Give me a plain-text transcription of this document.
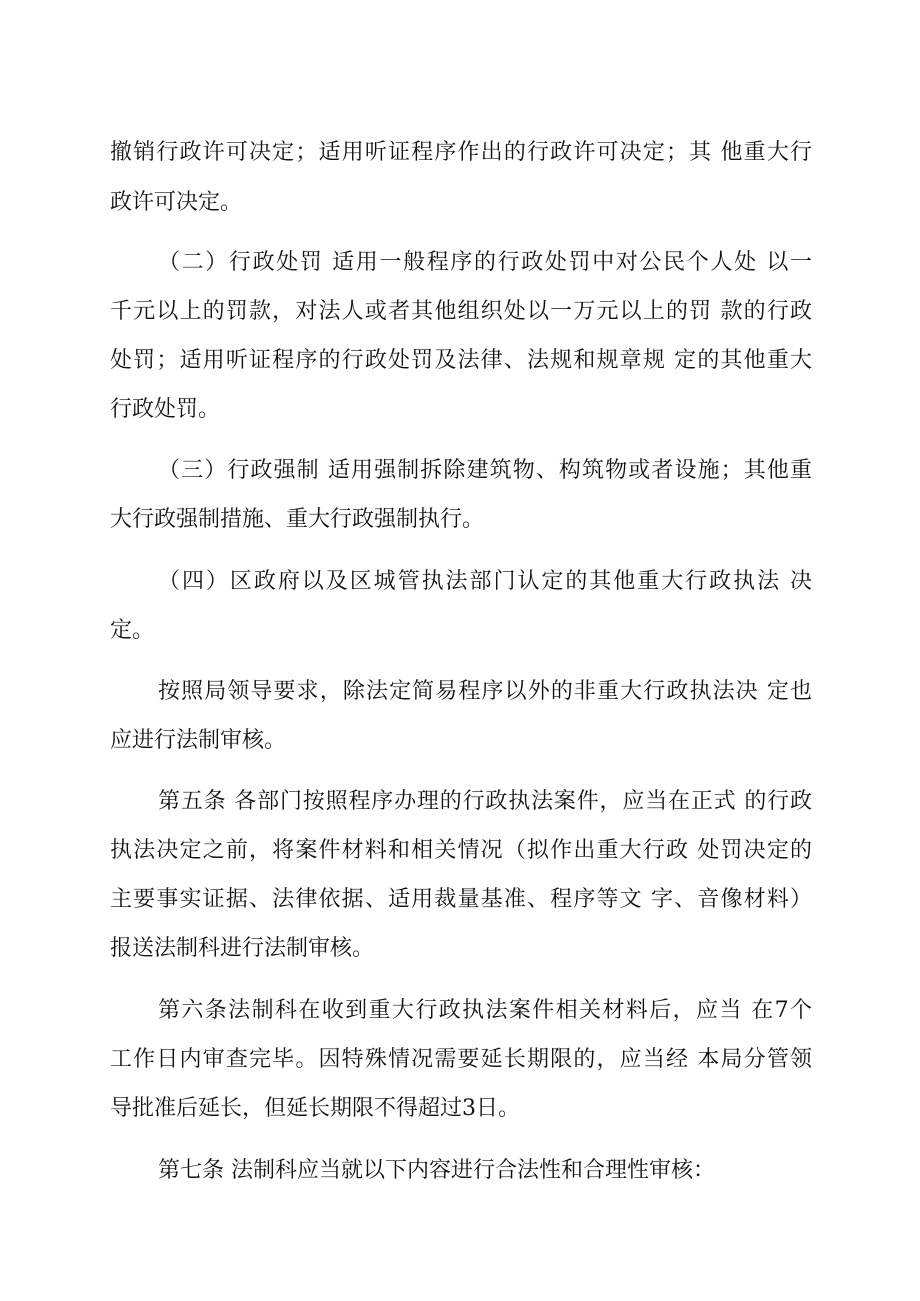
撤销行政许可决定；适用听证程序作出的行政许可决定；其 他重大行
政许可决定。
（二）行政处罚 适用一般程序的行政处罚中对公民个人处 以一
千元以上的罚款，对法人或者其他组织处以一万元以上的罚 款的行政
处罚；适用听证程序的行政处罚及法律、法规和规章规 定的其他重大
行政处罚。
（三）行政强制 适用强制拆除建筑物、构筑物或者设施；其他重
大行政强制措施、重大行政强制执行。
（四）区政府以及区城管执法部门认定的其他重大行政执法 决
定。
按照局领导要求，除法定简易程序以外的非重大行政执法决 定也
应进行法制审核。
第五条 各部门按照程序办理的行政执法案件，应当在正式 的行政
执法决定之前，将案件材料和相关情况（拟作出重大行政 处罚决定的
主要事实证据、法律依据、适用裁量基准、程序等文 字、音像材料）
报送法制科进行法制审核。
第六条法制科在收到重大行政执法案件相关材料后，应当 在7个
工作日内审查完毕。因特殊情况需要延长期限的，应当经 本局分管领
导批准后延长，但延长期限不得超过3日。
第七条 法制科应当就以下内容进行合法性和合理性审核：
